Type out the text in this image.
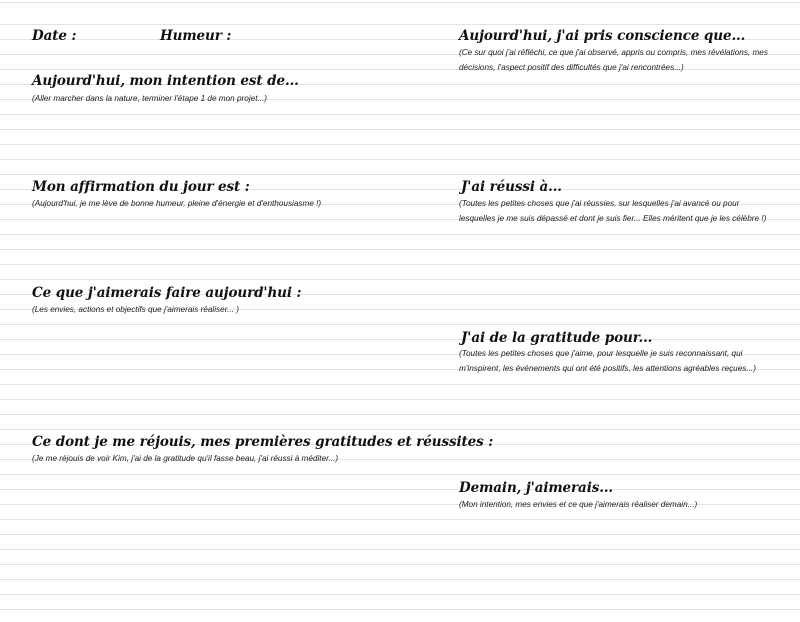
Date :	Humeur :

Aujourd'hui, mon intention est de...

(Aller marcher dans la nature, terminer l'étape 1 de mon projet...)

Mon affirmation du jour est :

(Aujourd'hui, je me lève de bonne humeur, pleine d'énergie et d'enthousiasme !)

Ce que j'aimerais faire aujourd'hui :

(Les envies, actions et objectifs que j'aimerais réaliser... )

Ce dont je me réjouis, mes premières gratitudes et réussites :

(Je me réjouis de voir Kim, j'ai de la gratitude qu'il fasse beau, j'ai réussi à méditer...)

Aujourd'hui, j'ai pris conscience que...

(Ce sur quoi j'ai réfléchi, ce que j'ai observé, appris ou compris, mes révélations, mes décisions, l'aspect positif des difficultés que j'ai rencontrées...)

J'ai réussi à...

(Toutes les petites choses que j'ai réussies, sur lesquelles j'ai avancé ou pour lesquelles je me suis dépassé et dont je suis fier... Elles méritent que je les célèbre !)

J'ai de la gratitude pour...

(Toutes les petites choses que j'aime, pour lesquelle je suis reconnaissant, qui m'inspirent, les événements qui ont été positifs, les attentions agréables reçues...)

Demain, j'aimerais...

(Mon intention, mes envies et ce que j'aimerais réaliser demain...)
